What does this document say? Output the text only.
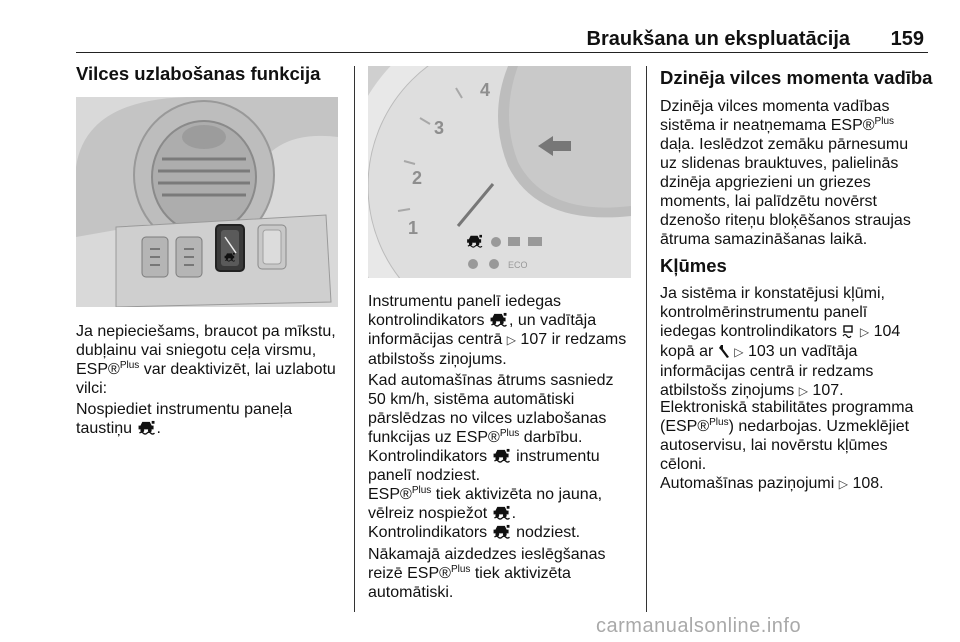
Braukšana un ekspluatācija 159
Vilces uzlabošanas funkcija
Ja nepieciešams, braucot pa mīkstu,
dubļainu vai sniegotu ceļa virsmu,
ESP®$^{Plus}$ var deaktivizēt, lai uzlabotu
vilci:
Nospiediet instrumentu paneļa
taustiņu .
1
2
3
4
ECO
Instrumentu panelī iedegas
kontrolindikators , un vadītāja
informācijas centrā ▷ 107 ir redzams
atbilstošs ziņojums.
Kad automašīnas ātrums sasniedz
50 km/h, sistēma automātiski
pārslēdzas no vilces uzlabošanas
funkcijas uz ESP®$^{Plus}$ darbību.
Kontrolindikators instrumentu
panelī nodziest.
ESP®$^{Plus}$ tiek aktivizēta no jauna,
vēlreiz nospiežot .
Kontrolindikators nodziest.
Nākamajā aizdedzes ieslēgšanas
reizē ESP®$^{Plus}$ tiek aktivizēta
automātiski.
Dzinēja vilces momenta vadība
Dzinēja vilces momenta vadības
sistēma ir neatņemama ESP®$^{Plus}$
daļa. Ieslēdzot zemāku pārnesumu
uz slidenas brauktuves, palielinās
dzinēja apgriezieni un griezes
moments, lai palīdzētu novērst
dzenošo riteņu bloķēšanos straujas
ātruma samazināšanas laikā.
Kļūmes
Ja sistēma ir konstatējusi kļūmi,
kontrolmērinstrumentu panelī
iedegas kontrolindikators ▷ 104
kopā ar ▷ 103 un vadītāja
informācijas centrā ir redzams
atbilstošs ziņojums ▷ 107.
Elektroniskā stabilitātes programma
(ESP®$^{Plus}$) nedarbojas. Uzmeklējiet
autoservisu, lai novērstu kļūmes
cēloni.
Automašīnas paziņojumi ▷ 108.
carmanualsonline.info
